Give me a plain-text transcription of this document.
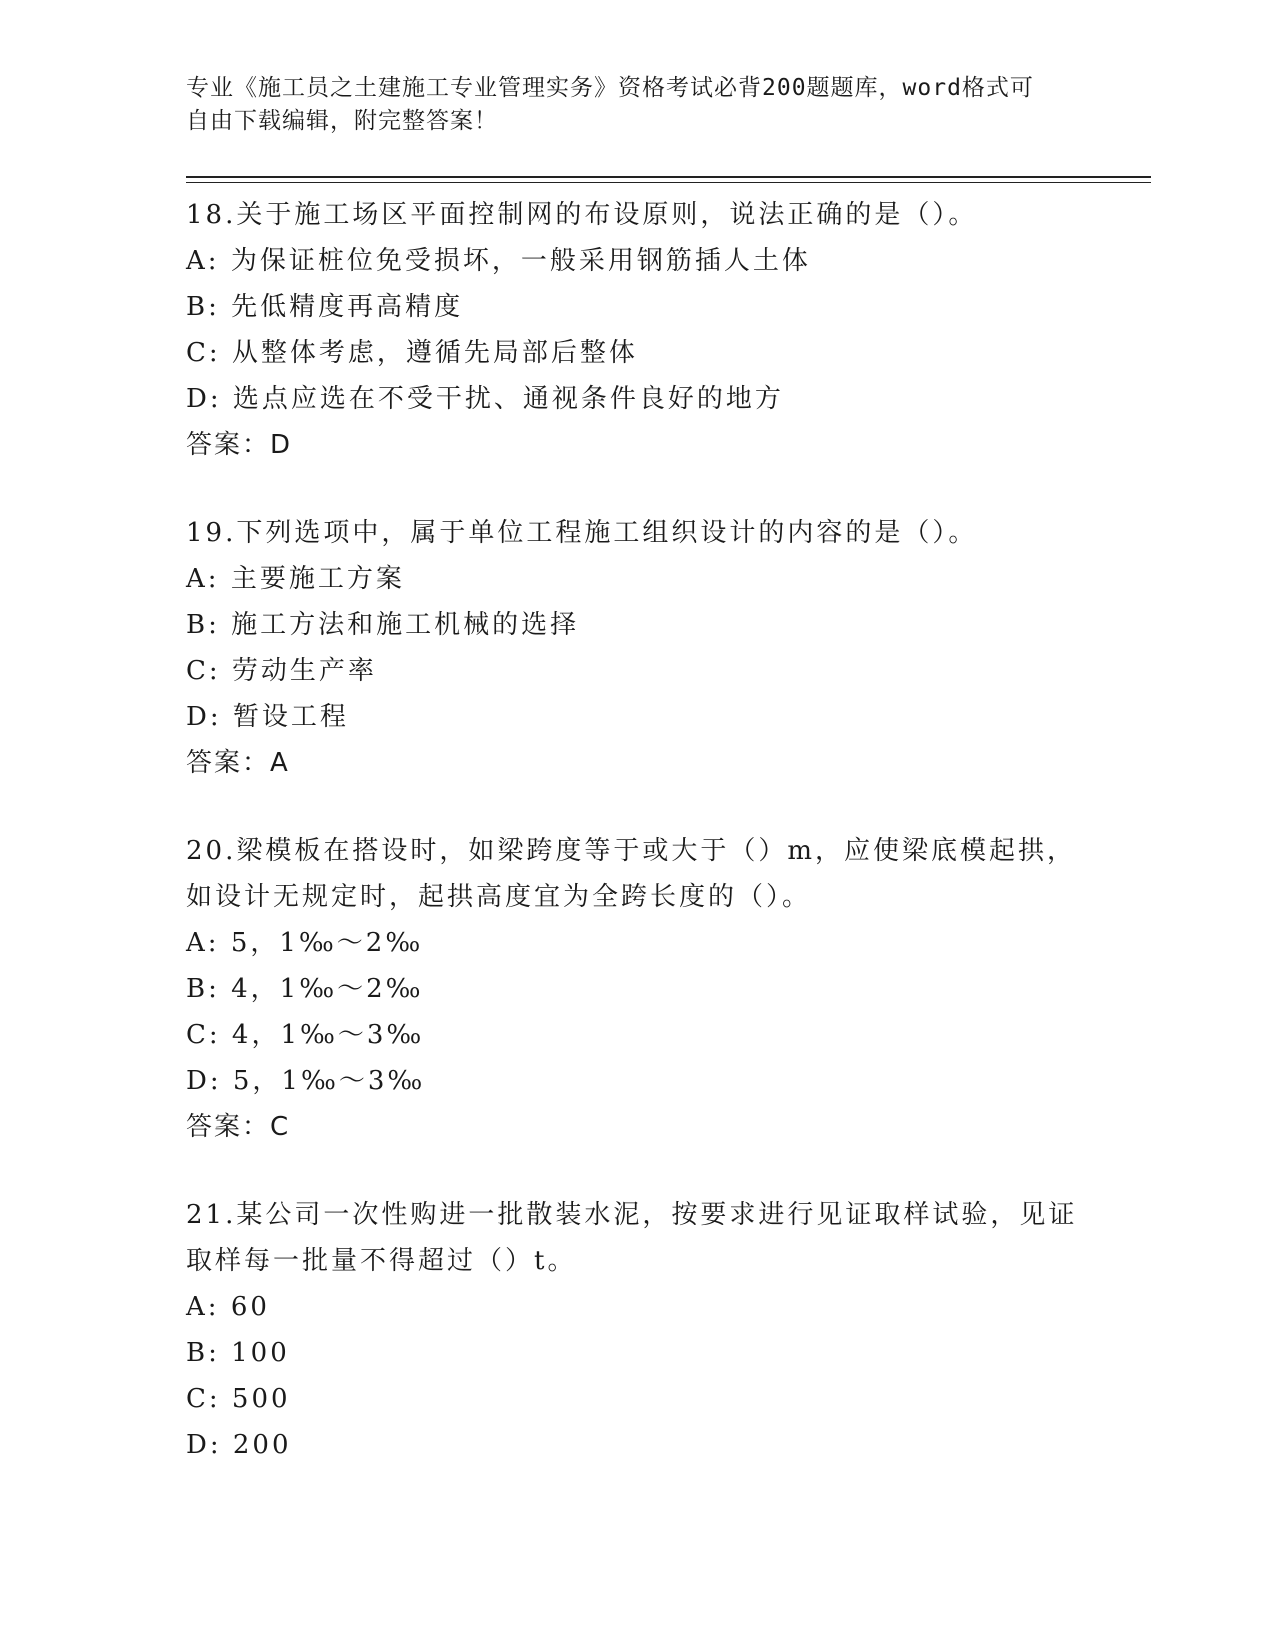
专业《施工员之土建施工专业管理实务》资格考试必背200题题库，word格式可
自由下载编辑，附完整答案！
18.关于施工场区平面控制网的布设原则，说法正确的是（）。
A: 为保证桩位免受损坏，一般采用钢筋插人土体
B: 先低精度再高精度
C: 从整体考虑，遵循先局部后整体
D: 选点应选在不受干扰、通视条件良好的地方
答案：D
19.下列选项中，属于单位工程施工组织设计的内容的是（）。
A: 主要施工方案
B: 施工方法和施工机械的选择
C: 劳动生产率
D: 暂设工程
答案：A
20.梁模板在搭设时，如梁跨度等于或大于（）m，应使梁底模起拱，
如设计无规定时，起拱高度宜为全跨长度的（）。
A: 5，1‰～2‰
B: 4，1‰～2‰
C: 4，1‰～3‰
D: 5，1‰～3‰
答案：C
21.某公司一次性购进一批散装水泥，按要求进行见证取样试验，见证
取样每一批量不得超过（）t。
A: 60
B: 100
C: 500
D: 200
